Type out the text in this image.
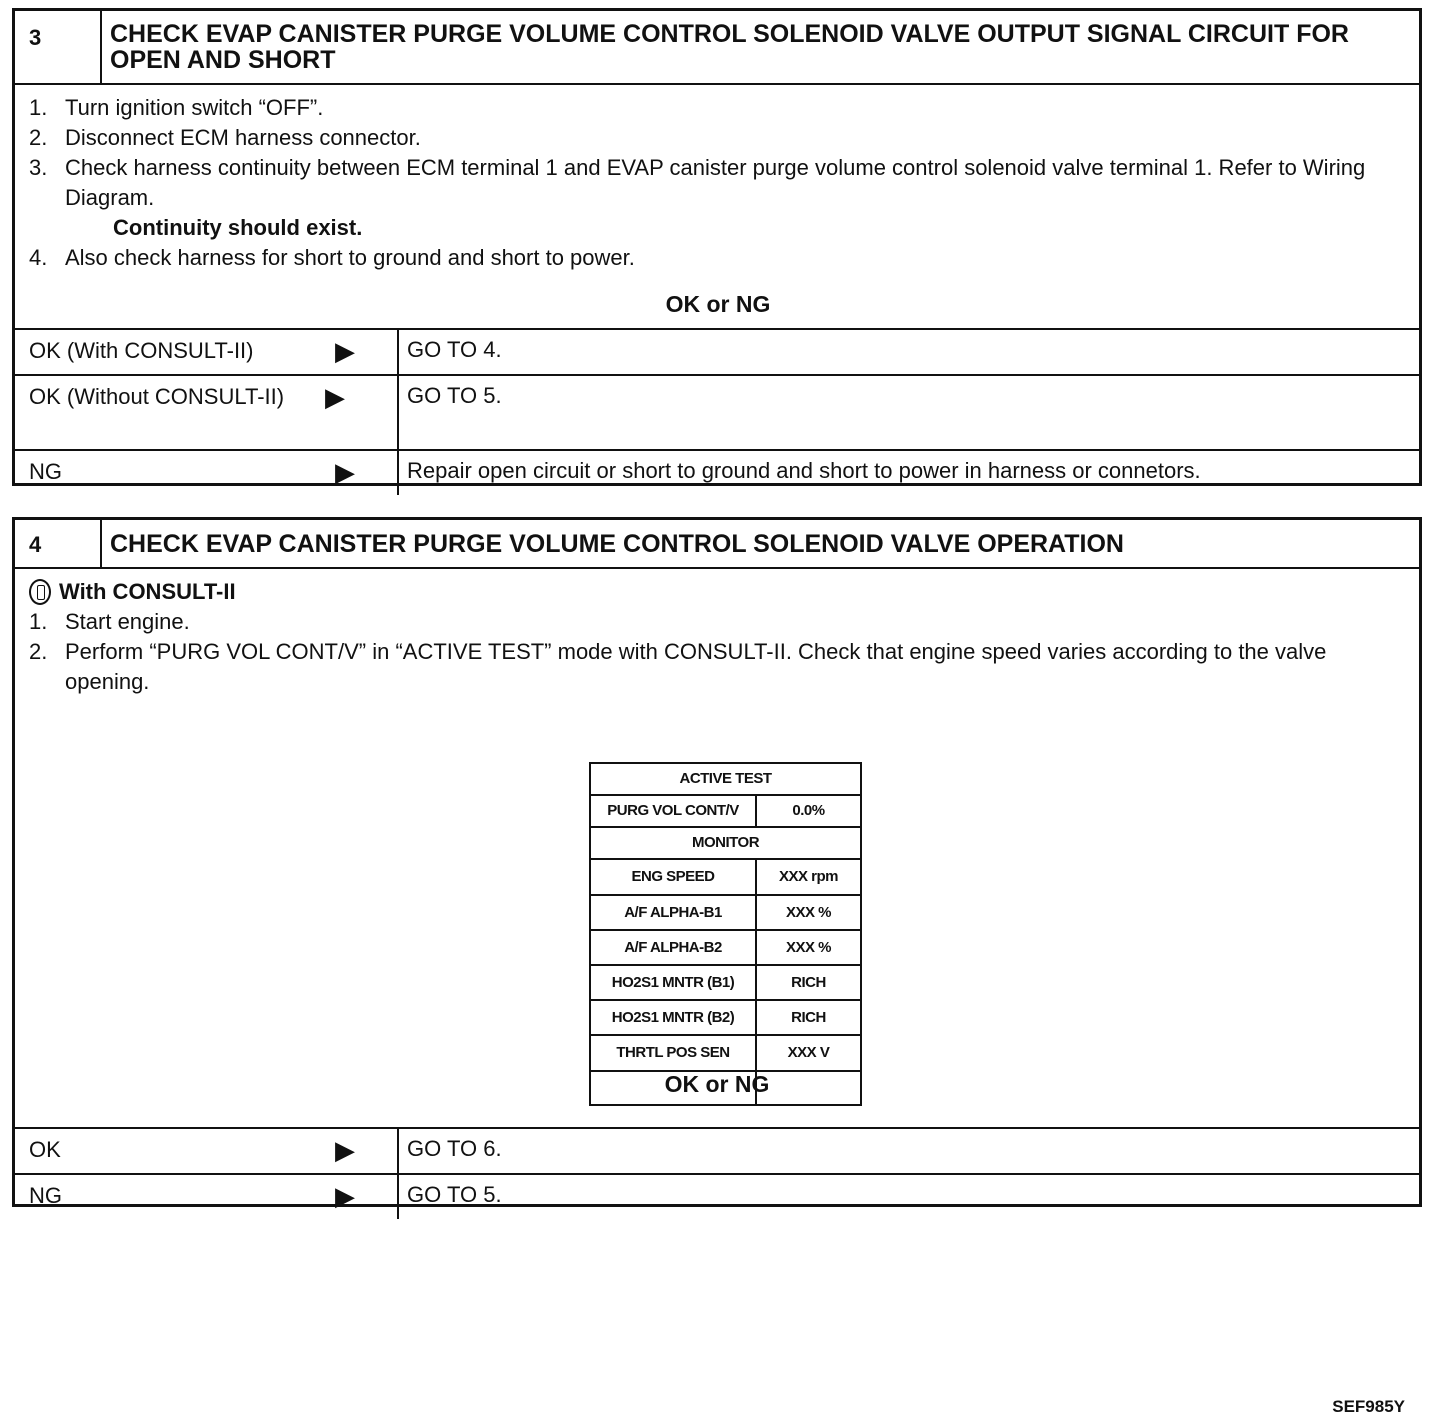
3	CHECK EVAP CANISTER PURGE VOLUME CONTROL SOLENOID VALVE OUTPUT SIGNAL CIRCUIT FOR OPEN AND SHORT
1. Turn ignition switch “OFF”.
2. Disconnect ECM harness connector.
3. Check harness continuity between ECM terminal 1 and EVAP canister purge volume control solenoid valve terminal 1. Refer to Wiring Diagram.
Continuity should exist.
4. Also check harness for short to ground and short to power.
OK or NG
OK (With CONSULT-II)	▶	GO TO 4.
OK (Without CONSULT-II)	▶	GO TO 5.
NG	▶	Repair open circuit or short to ground and short to power in harness or connetors.
4	CHECK EVAP CANISTER PURGE VOLUME CONTROL SOLENOID VALVE OPERATION
With CONSULT-II
1. Start engine.
2. Perform “PURG VOL CONT/V” in “ACTIVE TEST” mode with CONSULT-II. Check that engine speed varies according to the valve opening.
ACTIVE TEST	
PURG VOL CONT/V	0.0%
MONITOR	
ENG SPEED	XXX rpm
A/F ALPHA-B1	XXX %
A/F ALPHA-B2	XXX %
HO2S1 MNTR (B1)	RICH
HO2S1 MNTR (B2)	RICH
THRTL POS SEN	XXX V

SEF985Y
OK or NG
OK	▶	GO TO 6.
NG	▶	GO TO 5.
